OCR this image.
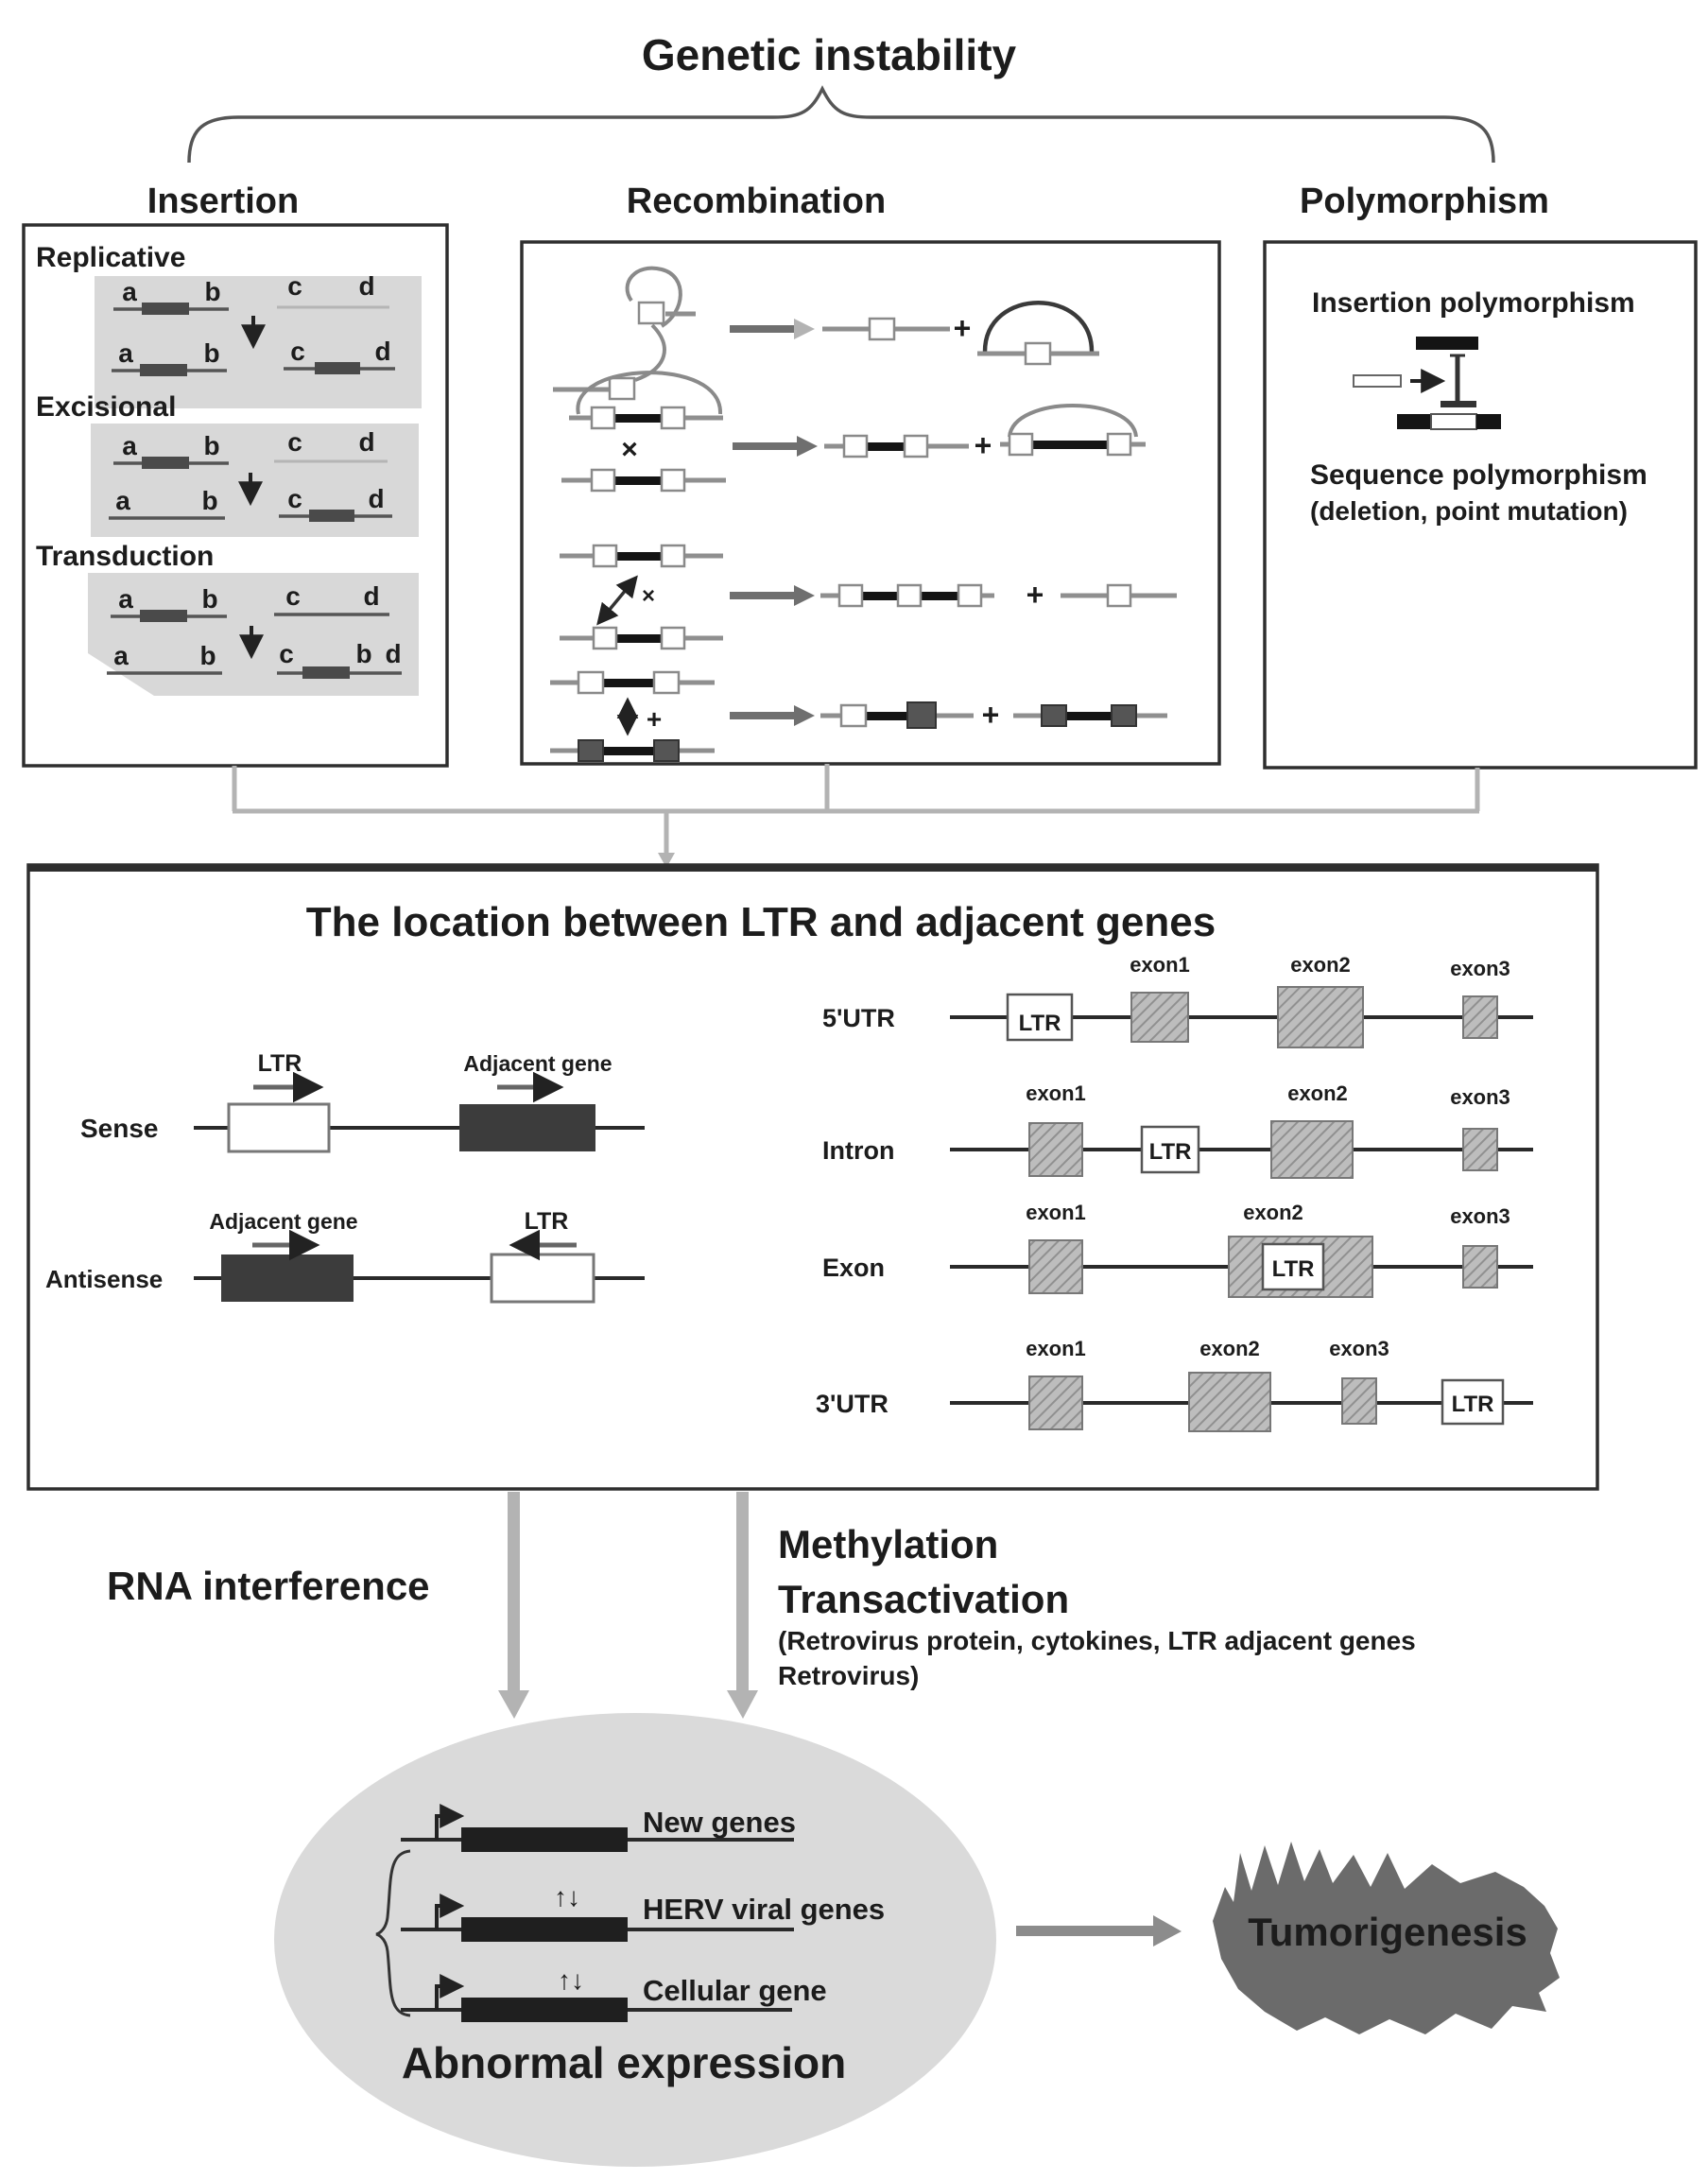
Genetic instability
Insertion	Recombination	Polymorphism
Replicative
a	b	c d
a	b	c	d
Excisional
a	b	c d
a	b	c d
Transduction
a	b	c d
a	b c b d
+
×	+
×	+
+	+
Insertion polymorphism
Sequence polymorphism
(deletion, point mutation)
The location between LTR and adjacent genes
Sense
LTR	Adjacent gene
Antisense
Adjacent gene	LTR
5'UTR	LTR
exon1	exon2	exon3
Intron	LTR
exon1	exon2	exon3
Exon	LTR
exon1	exon2	exon3
3'UTR	LTR
exon1	exon2	exon3
RNA interference
Methylation
Transactivation
(Retrovirus protein, cytokines, LTR adjacent genes
Retrovirus)
New genes
↑↓ HERV viral genes
↑↓ Cellular gene
Abnormal expression
Tumorigenesis
